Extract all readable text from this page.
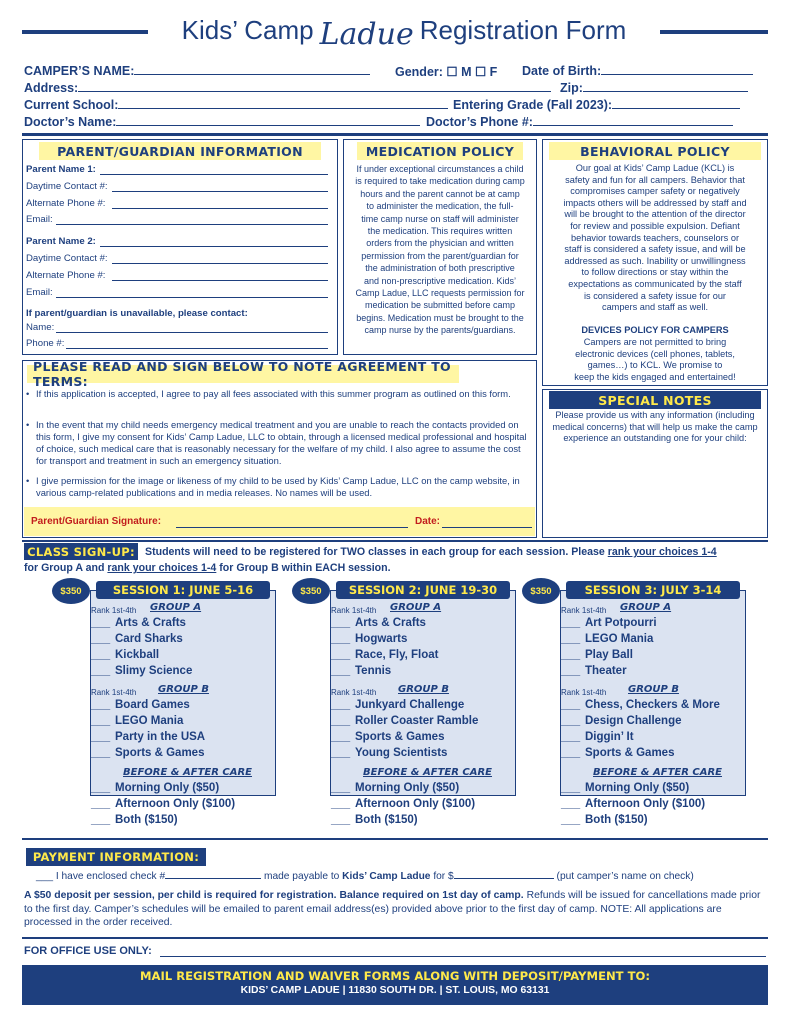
Kids’ Camp Ladue Registration Form
CAMPER’S NAME:	Gender: ☐ M ☐ F Date of Birth:
Address:	Zip:
Current School:	Entering Grade (Fall 2023):
Doctor’s Name:	Doctor’s Phone #:
PARENT/GUARDIAN INFORMATION
Parent Name 1:
Daytime Contact #:
Alternate Phone #:
Email:
Parent Name 2:
Daytime Contact #:
Alternate Phone #:
Email:
If parent/guardian is unavailable, please contact:
Name:
Phone #:
MEDICATION POLICY
If under exceptional circumstances a child
is required to take medication during camp
hours and the parent cannot be at camp
to administer the medication, the full-
time camp nurse on staff will administer
the medication. This requires written
orders from the physician and written
permission from the parent/guardian for
the administration of both prescriptive
and non-prescriptive medication. Kids’
Camp Ladue, LLC requests permission for
medication be submitted before camp
begins. Medication must be brought to the
camp nurse by the parents/guardians.
BEHAVIORAL POLICY
Our goal at Kids’ Camp Ladue (KCL) is
safety and fun for all campers. Behavior that
compromises camper safety or negatively
impacts others will be addressed by staff and
will be brought to the attention of the director
for review and possible expulsion. Defiant
behavior towards teachers, counselors or
staff is considered a safety issue, and will be
addressed as such. Inability or unwillingness
to follow directions or stay within the
expectations as communicated by the staff
is considered a safety issue for our
campers and staff as well.
DEVICES POLICY FOR CAMPERS
Campers are not permitted to bring
electronic devices (cell phones, tablets,
games…) to KCL. We promise to
keep the kids engaged and entertained!
PLEASE READ AND SIGN BELOW TO NOTE AGREEMENT TO TERMS:
• If this application is accepted, I agree to pay all fees associated with this summer program as outlined on this form.
• In the event that my child needs emergency medical treatment and you are unable to reach the contacts provided on this form, I give my consent for Kids’ Camp Ladue, LLC to obtain, through a licensed medical professional and hospital of choice, such medical care that is reasonably necessary for the welfare of my child. I also agree to assume the cost for transport and treatment in such an emergency situation.
• I give permission for the image or likeness of my child to be used by Kids’ Camp Ladue, LLC on the camp website, in various camp-related publications and in media releases. No names will be used.
Parent/Guardian Signature:	Date:
SPECIAL NOTES
Please provide us with any information (including
medical concerns) that will help us make the camp
experience an outstanding one for your child:
CLASS SIGN-UP: Students will need to be registered for TWO classes in each group for each session. Please rank your choices 1-4
for Group A and rank your choices 1-4 for Group B within EACH session.
SESSION 1: JUNE 5-16
$350
Rank 1st-4th GROUP A
___ Arts & Crafts
___ Card Sharks
___ Kickball
___ Slimy Science
Rank 1st-4th GROUP B
___ Board Games
___ LEGO Mania
___ Party in the USA
___ Sports & Games
BEFORE & AFTER CARE
___ Morning Only ($50)
___ Afternoon Only ($100)
___ Both ($150)
SESSION 2: JUNE 19-30
$350
Rank 1st-4th GROUP A
___ Arts & Crafts
___ Hogwarts
___ Race, Fly, Float
___ Tennis
Rank 1st-4th GROUP B
___ Junkyard Challenge
___ Roller Coaster Ramble
___ Sports & Games
___ Young Scientists
BEFORE & AFTER CARE
___ Morning Only ($50)
___ Afternoon Only ($100)
___ Both ($150)
SESSION 3: JULY 3-14
$350
Rank 1st-4th GROUP A
___ Art Potpourri
___ LEGO Mania
___ Play Ball
___ Theater
Rank 1st-4th GROUP B
___ Chess, Checkers & More
___ Design Challenge
___ Diggin’ It
___ Sports & Games
BEFORE & AFTER CARE
___ Morning Only ($50)
___ Afternoon Only ($100)
___ Both ($150)
PAYMENT INFORMATION:
___ I have enclosed check #	made payable to Kids’ Camp Ladue for $	(put camper’s name on check)
A $50 deposit per session, per child is required for registration. Balance required on 1st day of camp. Refunds will be issued for cancellations made prior to the first day. Camper’s schedules will be emailed to parent email address(es) provided above prior to the first day of camp. NOTE: All applications are processed in the order received.
FOR OFFICE USE ONLY:
MAIL REGISTRATION AND WAIVER FORMS ALONG WITH DEPOSIT/PAYMENT TO:
KIDS’ CAMP LADUE | 11830 SOUTH DR. | ST. LOUIS, MO 63131
